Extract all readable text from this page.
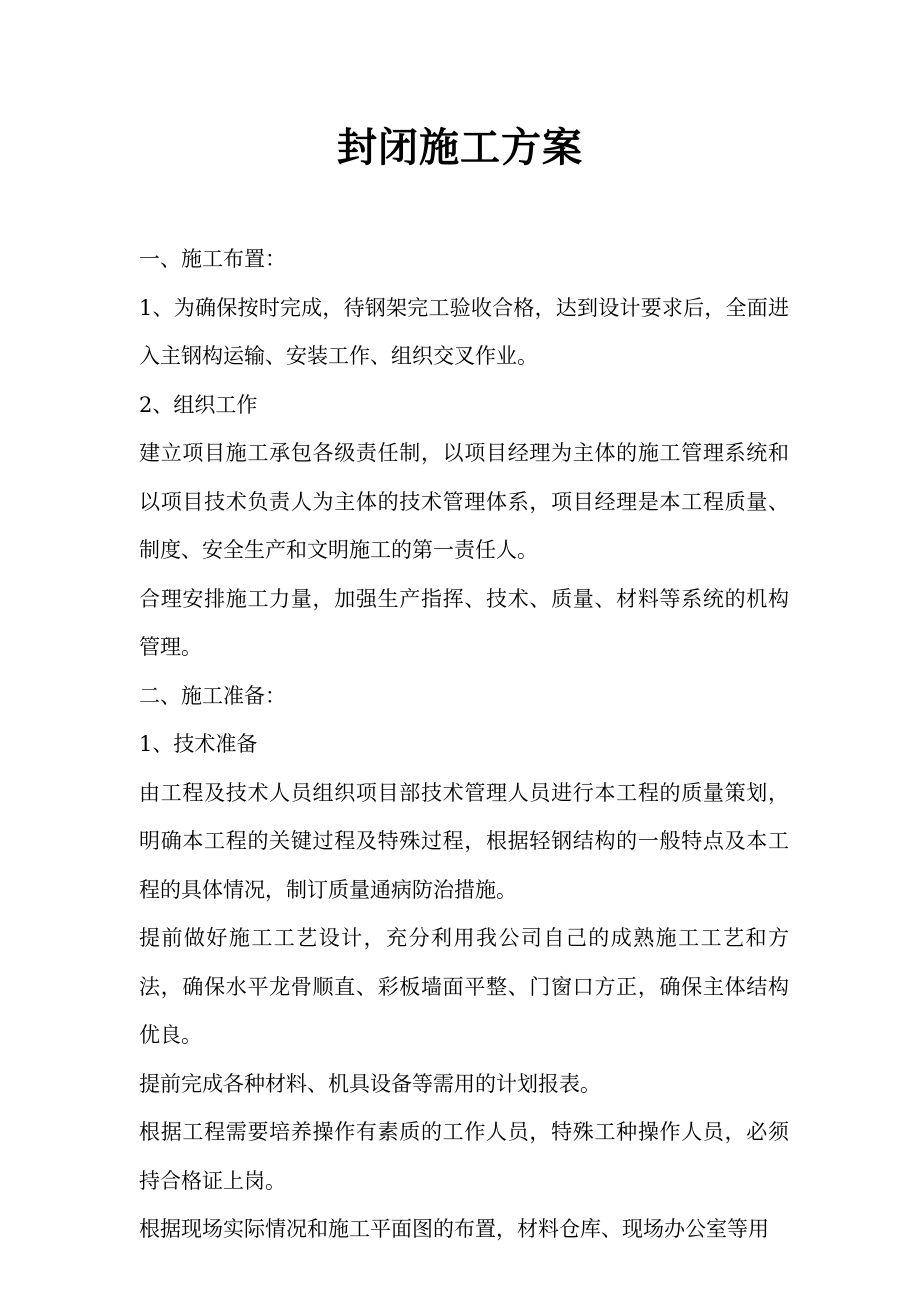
封闭施工方案

一、施工布置：

1、为确保按时完成，待钢架完工验收合格，达到设计要求后，全面进入主钢构运输、安装工作、组织交叉作业。

2、组织工作

建立项目施工承包各级责任制，以项目经理为主体的施工管理系统和以项目技术负责人为主体的技术管理体系，项目经理是本工程质量、制度、安全生产和文明施工的第一责任人。

合理安排施工力量，加强生产指挥、技术、质量、材料等系统的机构管理。

二、施工准备：

1、技术准备

由工程及技术人员组织项目部技术管理人员进行本工程的质量策划，明确本工程的关键过程及特殊过程，根据轻钢结构的一般特点及本工程的具体情况，制订质量通病防治措施。

提前做好施工工艺设计，充分利用我公司自己的成熟施工工艺和方法，确保水平龙骨顺直、彩板墙面平整、门窗口方正，确保主体结构优良。

提前完成各种材料、机具设备等需用的计划报表。

根据工程需要培养操作有素质的工作人员，特殊工种操作人员，必须持合格证上岗。

根据现场实际情况和施工平面图的布置，材料仓库、现场办公室等用
